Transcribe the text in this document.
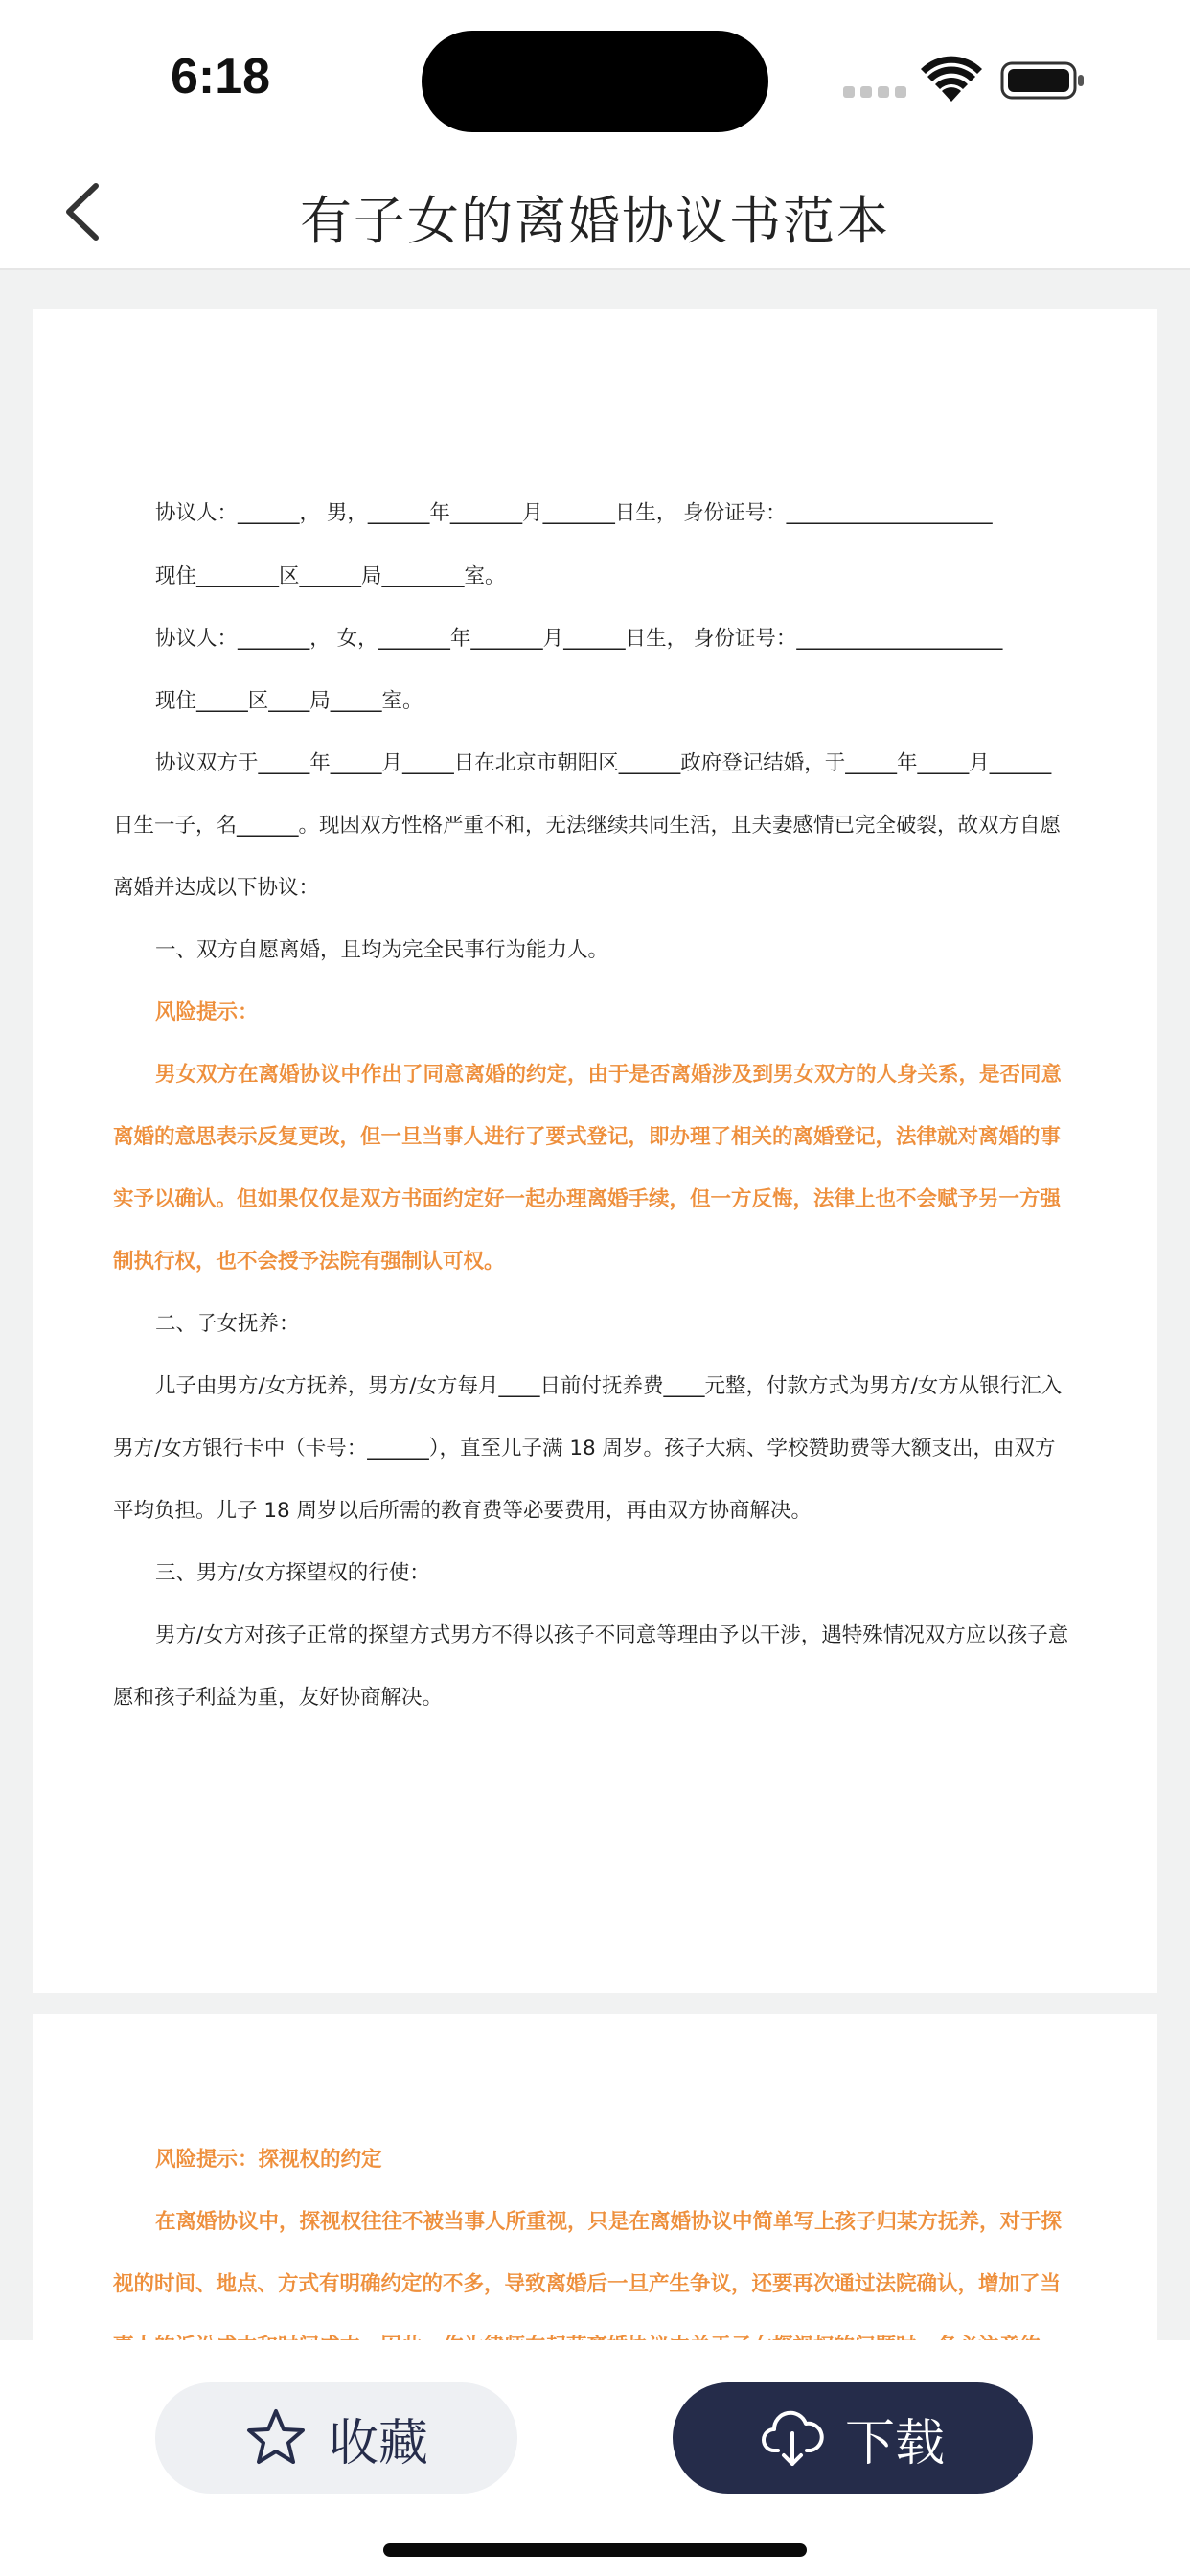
6:18
有子女的离婚协议书范本
协议人：______， 男，______年_______月_______日生， 身份证号：____________________
现住________区______局________室。
协议人：_______， 女，_______年_______月______日生， 身份证号：____________________
现住_____区____局_____室。
协议双方于_____年_____月_____日在北京市朝阳区______政府登记结婚，于_____年_____月______
日生一子，名______。现因双方性格严重不和，无法继续共同生活，且夫妻感情已完全破裂，故双方自愿
离婚并达成以下协议：
一、双方自愿离婚，且均为完全民事行为能力人。
风险提示：
男女双方在离婚协议中作出了同意离婚的约定，由于是否离婚涉及到男女双方的人身关系，是否同意
离婚的意思表示反复更改，但一旦当事人进行了要式登记，即办理了相关的离婚登记，法律就对离婚的事
实予以确认。但如果仅仅是双方书面约定好一起办理离婚手续，但一方反悔，法律上也不会赋予另一方强
制执行权，也不会授予法院有强制认可权。
二、子女抚养：
儿子由男方/女方抚养，男方/女方每月____日前付抚养费____元整，付款方式为男方/女方从银行汇入
男方/女方银行卡中（卡号：______），直至儿子满 18 周岁。孩子大病、学校赞助费等大额支出，由双方
平均负担。儿子 18 周岁以后所需的教育费等必要费用，再由双方协商解决。
三、男方/女方探望权的行使：
男方/女方对孩子正常的探望方式男方不得以孩子不同意等理由予以干涉，遇特殊情况双方应以孩子意
愿和孩子利益为重，友好协商解决。
风险提示：探视权的约定
在离婚协议中，探视权往往不被当事人所重视，只是在离婚协议中简单写上孩子归某方抚养，对于探
视的时间、地点、方式有明确约定的不多，导致离婚后一旦产生争议，还要再次通过法院确认，增加了当
收藏	下载
